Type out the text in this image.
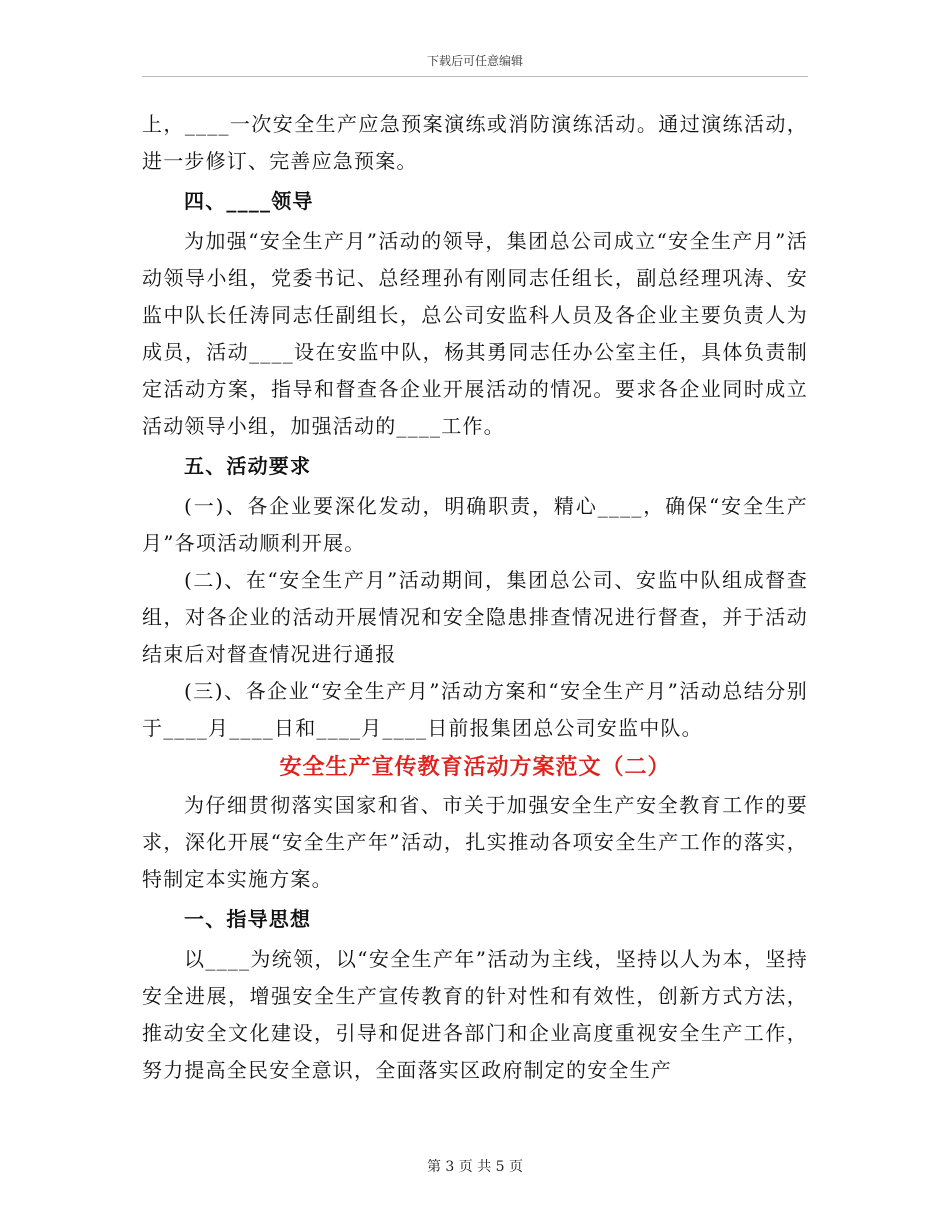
下载后可任意编辑

上，____一次安全生产应急预案演练或消防演练活动。通过演练活动，进一步修订、完善应急预案。

四、____领导

为加强“安全生产月”活动的领导，集团总公司成立“安全生产月”活动领导小组，党委书记、总经理孙有刚同志任组长，副总经理巩涛、安监中队长任涛同志任副组长，总公司安监科人员及各企业主要负责人为成员，活动____设在安监中队，杨其勇同志任办公室主任，具体负责制定活动方案，指导和督查各企业开展活动的情况。要求各企业同时成立活动领导小组，加强活动的____工作。

五、活动要求

(一)、各企业要深化发动，明确职责，精心____，确保“安全生产月”各项活动顺利开展。

(二)、在“安全生产月”活动期间，集团总公司、安监中队组成督查组，对各企业的活动开展情况和安全隐患排查情况进行督查，并于活动结束后对督查情况进行通报

(三)、各企业“安全生产月”活动方案和“安全生产月”活动总结分别于____月____日和____月____日前报集团总公司安监中队。

安全生产宣传教育活动方案范文（二）

为仔细贯彻落实国家和省、市关于加强安全生产安全教育工作的要求，深化开展“安全生产年”活动，扎实推动各项安全生产工作的落实，特制定本实施方案。

一、指导思想

以____为统领，以“安全生产年”活动为主线，坚持以人为本，坚持安全进展，增强安全生产宣传教育的针对性和有效性，创新方式方法，推动安全文化建设，引导和促进各部门和企业高度重视安全生产工作，努力提高全民安全意识，全面落实区政府制定的安全生产

第 3 页 共 5 页
